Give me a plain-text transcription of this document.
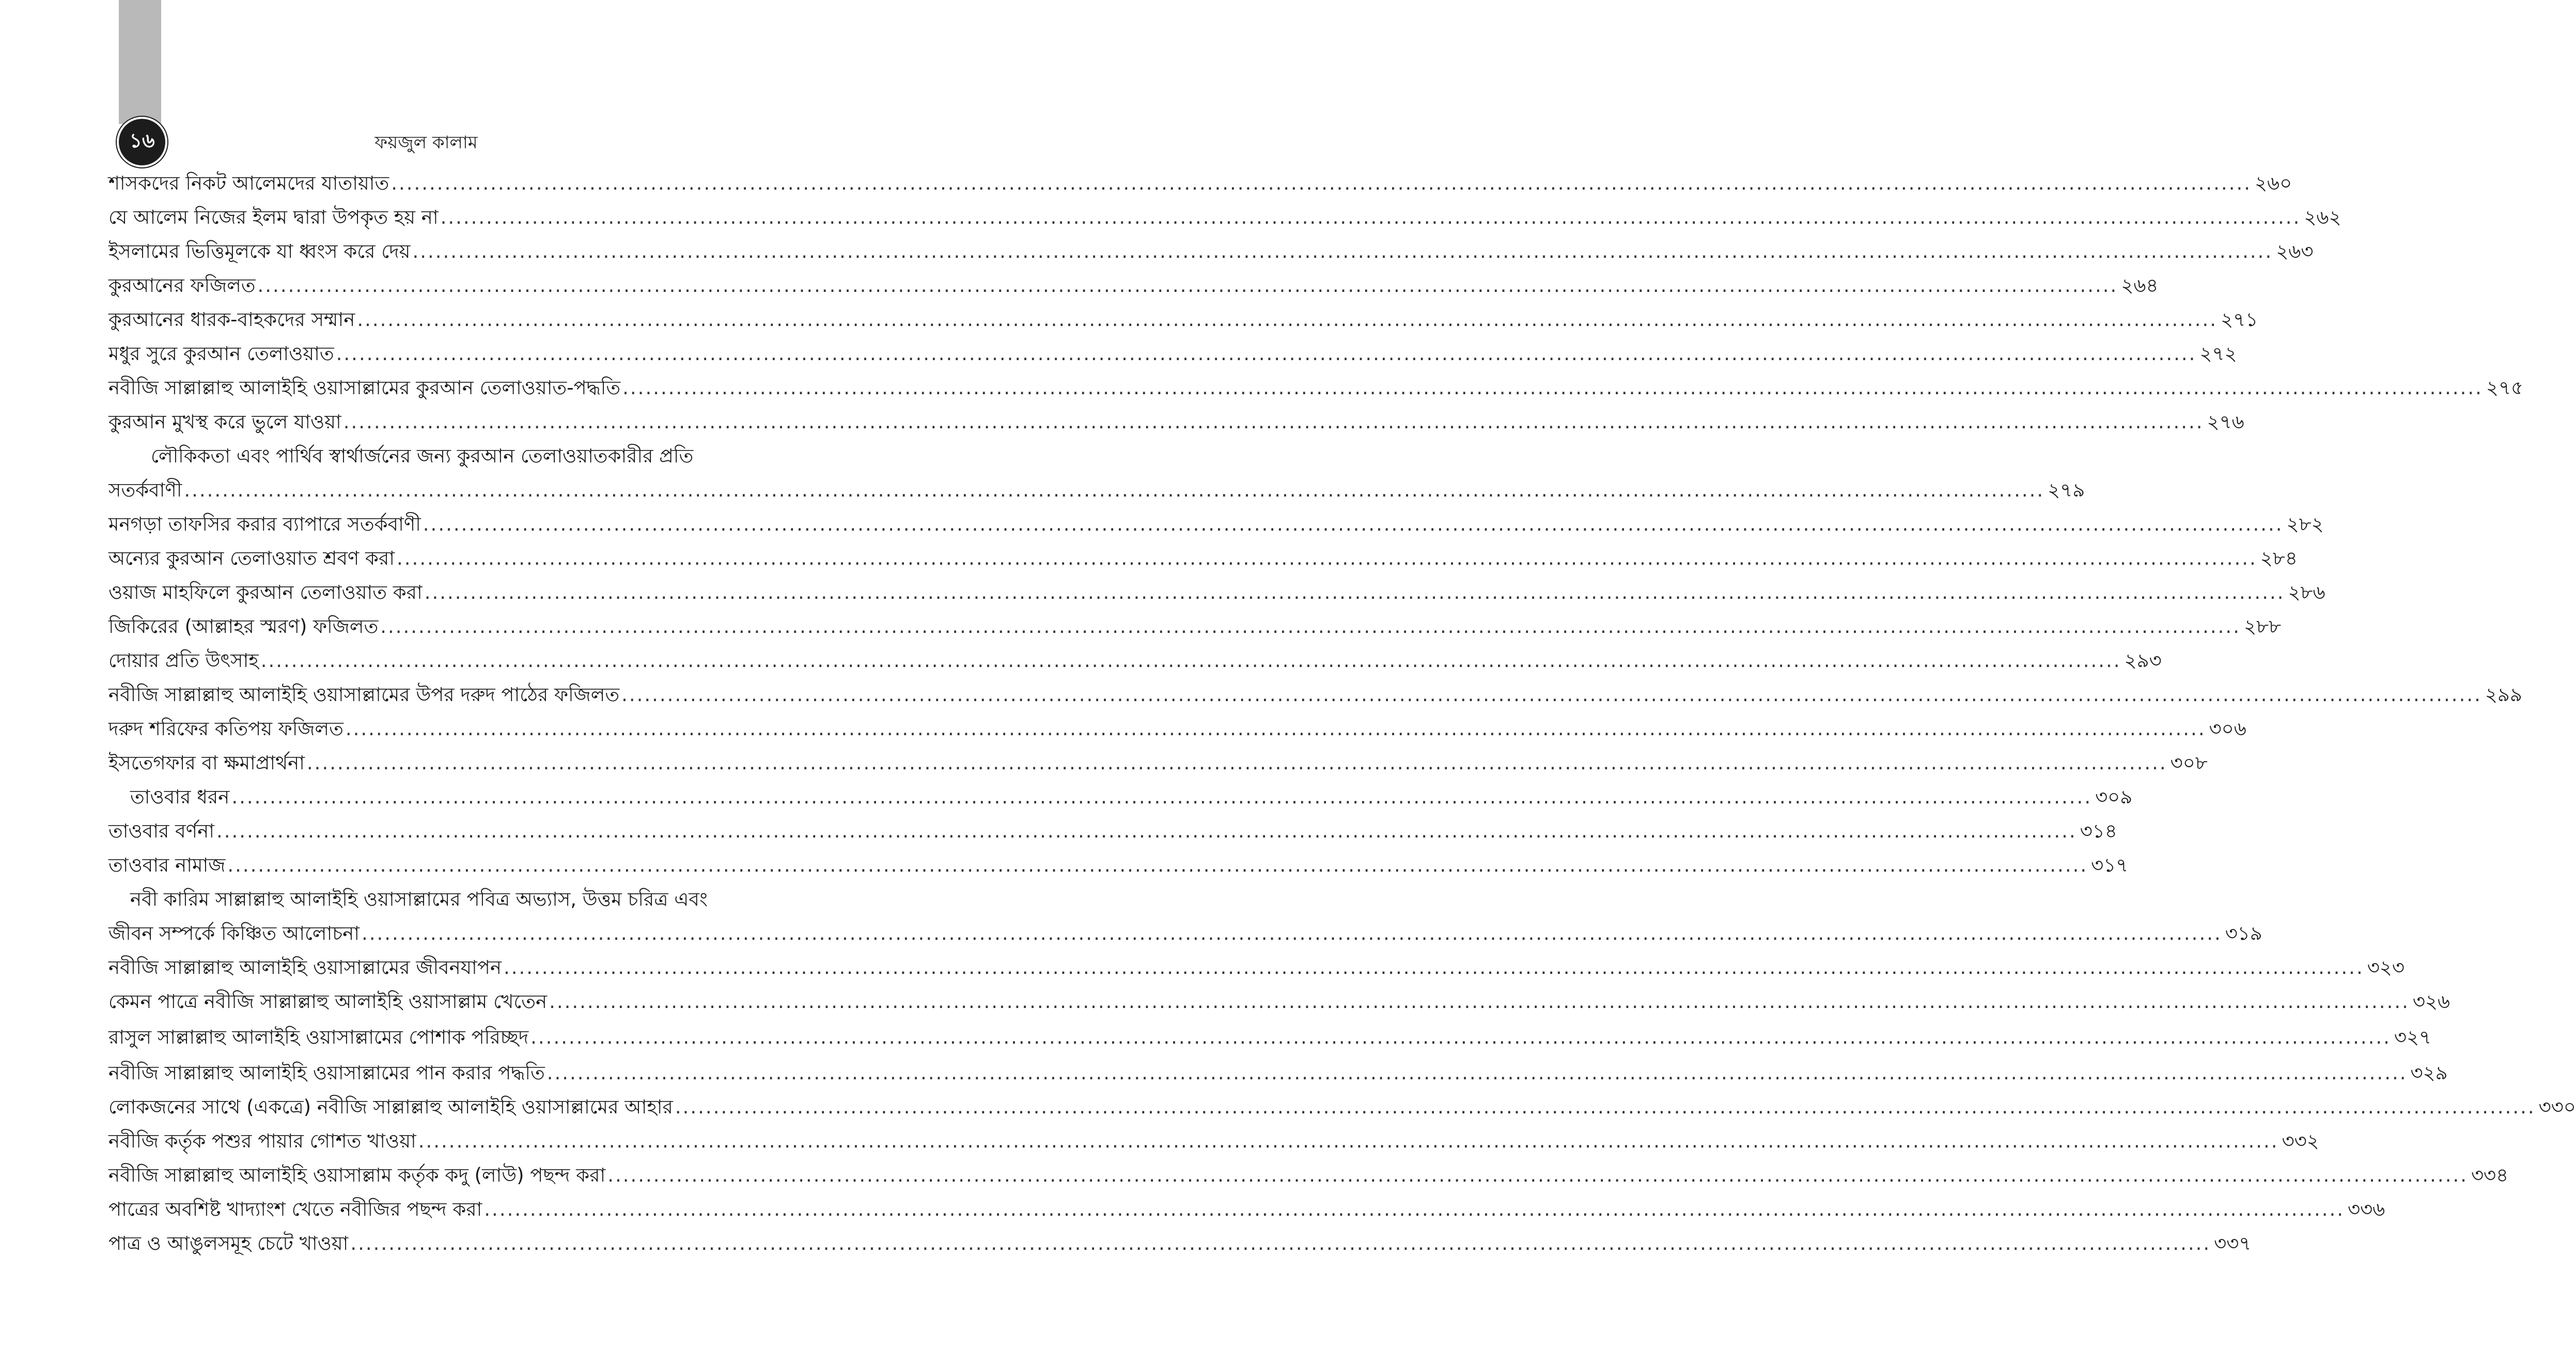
১৬	ফয়জুল কালাম
শাসকদের নিকট আলেমদের যাতায়াত .....	২৬০
যে আলেম নিজের ইলম দ্বারা উপকৃত হয় না .....	২৬২
ইসলামের ভিত্তিমূলকে যা ধ্বংস করে দেয় .....	২৬৩
কুরআনের ফজিলত .....	২৬৪
কুরআনের ধারক-বাহকদের সম্মান .....	২৭১
মধুর সুরে কুরআন তেলাওয়াত .....	২৭২
নবীজি সাল্লাল্লাহু আলাইহি ওয়াসাল্লামের কুরআন তেলাওয়াত-পদ্ধতি .....	২৭৫
কুরআন মুখস্থ করে ভুলে যাওয়া .....	২৭৬
লৌকিকতা এবং পার্থিব স্বার্থার্জনের জন্য কুরআন তেলাওয়াতকারীর প্রতি
সতর্কবাণী .....	২৭৯
মনগড়া তাফসির করার ব্যাপারে সতর্কবাণী .....	২৮২
অন্যের কুরআন তেলাওয়াত শ্রবণ করা .....	২৮৪
ওয়াজ মাহফিলে কুরআন তেলাওয়াত করা .....	২৮৬
জিকিরের (আল্লাহর স্মরণ) ফজিলত .....	২৮৮
দোয়ার প্রতি উৎসাহ .....	২৯৩
নবীজি সাল্লাল্লাহু আলাইহি ওয়াসাল্লামের উপর দরুদ পাঠের ফজিলত .....	২৯৯
দরুদ শরিফের কতিপয় ফজিলত .....	৩০৬
ইসতেগফার বা ক্ষমাপ্রার্থনা .....	৩০৮
তাওবার ধরন .....	৩০৯
তাওবার বর্ণনা .....	৩১৪
তাওবার নামাজ .....	৩১৭
নবী কারিম সাল্লাল্লাহু আলাইহি ওয়াসাল্লামের পবিত্র অভ্যাস, উত্তম চরিত্র এবং
জীবন সম্পর্কে কিঞ্চিত আলোচনা .....	৩১৯
নবীজি সাল্লাল্লাহু আলাইহি ওয়াসাল্লামের জীবনযাপন .....	৩২৩
কেমন পাত্রে নবীজি সাল্লাল্লাহু আলাইহি ওয়াসাল্লাম খেতেন .....	৩২৬
রাসুল সাল্লাল্লাহু আলাইহি ওয়াসাল্লামের পোশাক পরিচ্ছদ .....	৩২৭
নবীজি সাল্লাল্লাহু আলাইহি ওয়াসাল্লামের পান করার পদ্ধতি .....	৩২৯
লোকজনের সাথে (একত্রে) নবীজি সাল্লাল্লাহু আলাইহি ওয়াসাল্লামের আহার .....	৩৩০
নবীজি কর্তৃক পশুর পায়ার গোশত খাওয়া .....	৩৩২
নবীজি সাল্লাল্লাহু আলাইহি ওয়াসাল্লাম কর্তৃক কদু (লাউ) পছন্দ করা .....	৩৩৪
পাত্রের অবশিষ্ট খাদ্যাংশ খেতে নবীজির পছন্দ করা .....	৩৩৬
পাত্র ও আঙুলসমূহ চেটে খাওয়া .....	৩৩৭
